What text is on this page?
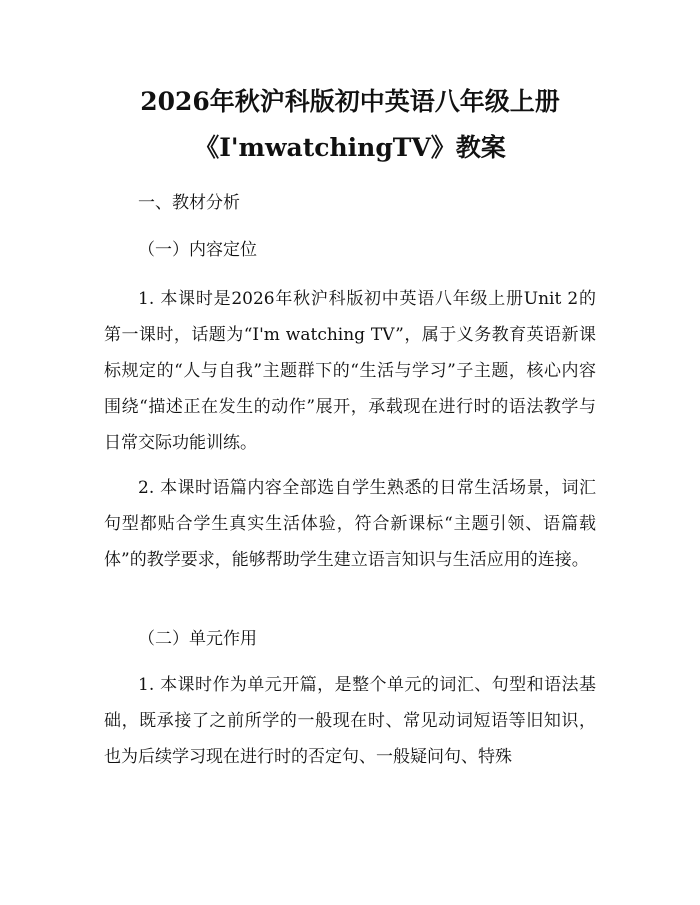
2026年秋沪科版初中英语八年级上册
《I'mwatchingTV》教案
一、教材分析
（一）内容定位

1. 本课时是2026年秋沪科版初中英语八年级上册Unit 2的第一课时，话题为“I'm watching TV”，属于义务教育英语新课标规定的“人与自我”主题群下的“生活与学习”子主题，核心内容围绕“描述正在发生的动作”展开，承载现在进行时的语法教学与日常交际功能训练。

2. 本课时语篇内容全部选自学生熟悉的日常生活场景，词汇句型都贴合学生真实生活体验，符合新课标“主题引领、语篇载体”的教学要求，能够帮助学生建立语言知识与生活应用的连接。

（二）单元作用

1. 本课时作为单元开篇，是整个单元的词汇、句型和语法基础，既承接了之前所学的一般现在时、常见动词短语等旧知识，也为后续学习现在进行时的否定句、一般疑问句、特殊
